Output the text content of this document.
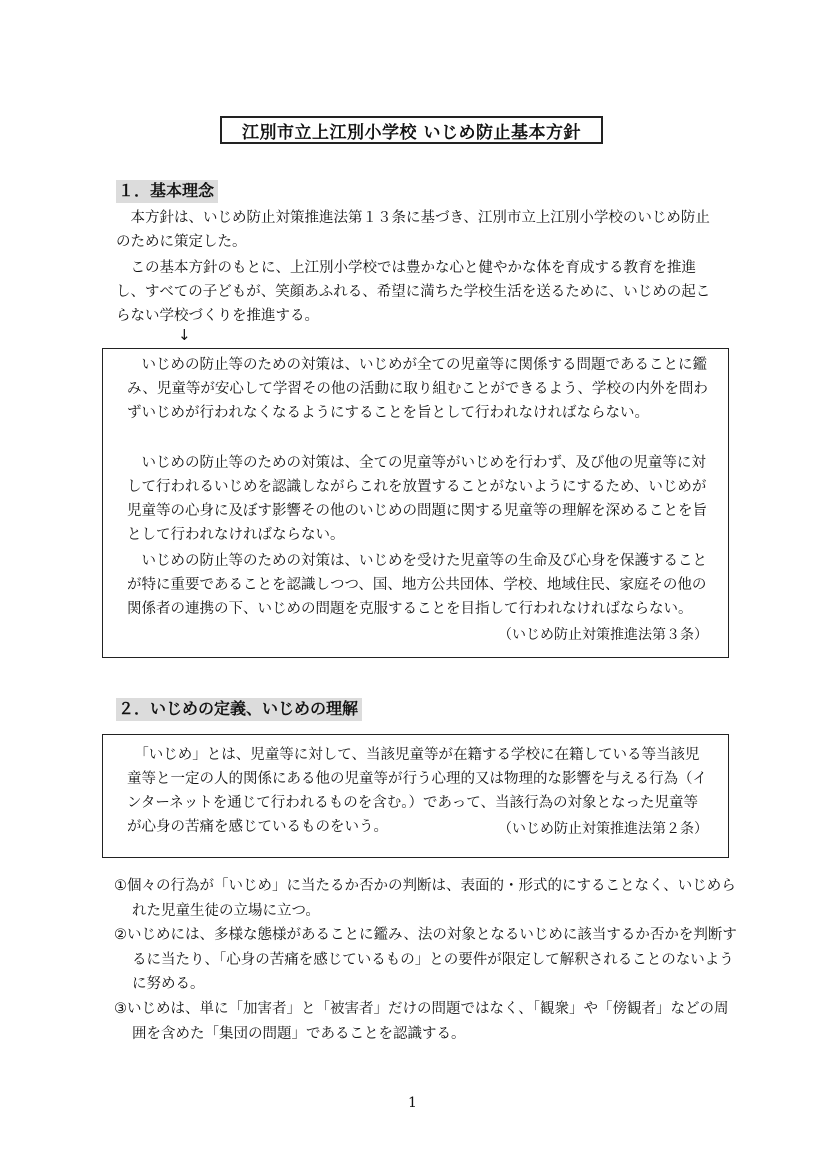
江別市立上江別小学校 いじめ防止基本方針
１．基本理念

　本方針は、いじめ防止対策推進法第１３条に基づき、江別市立上江別小学校のいじめ防止のために策定した。

　この基本方針のもとに、上江別小学校では豊かな心と健やかな体を育成する教育を推進し、すべての子どもが、笑顔あふれる、希望に満ちた学校生活を送るために、いじめの起こらない学校づくりを推進する。

↓

　いじめの防止等のための対策は、いじめが全ての児童等に関係する問題であることに鑑み、児童等が安心して学習その他の活動に取り組むことができるよう、学校の内外を問わずいじめが行われなくなるようにすることを旨として行われなければならない。

　いじめの防止等のための対策は、全ての児童等がいじめを行わず、及び他の児童等に対して行われるいじめを認識しながらこれを放置することがないようにするため、いじめが児童等の心身に及ぼす影響その他のいじめの問題に関する児童等の理解を深めることを旨として行われなければならない。

　いじめの防止等のための対策は、いじめを受けた児童等の生命及び心身を保護することが特に重要であることを認識しつつ、国、地方公共団体、学校、地域住民、家庭その他の関係者の連携の下、いじめの問題を克服することを目指して行われなければならない。

（いじめ防止対策推進法第３条）
２．いじめの定義、いじめの理解

　「いじめ」とは、児童等に対して、当該児童等が在籍する学校に在籍している等当該児童等と一定の人的関係にある他の児童等が行う心理的又は物理的な影響を与える行為（インターネットを通じて行われるものを含む。）であって、当該行為の対象となった児童等が心身の苦痛を感じているものをいう。	（いじめ防止対策推進法第２条）

①個々の行為が「いじめ」に当たるか否かの判断は、表面的・形式的にすることなく、いじめられた児童生徒の立場に立つ。

②いじめには、多様な態様があることに鑑み、法の対象となるいじめに該当するか否かを判断するに当たり、「心身の苦痛を感じているもの」との要件が限定して解釈されることのないように努める。

③いじめは、単に「加害者」と「被害者」だけの問題ではなく、「観衆」や「傍観者」などの周囲を含めた「集団の問題」であることを認識する。

1
